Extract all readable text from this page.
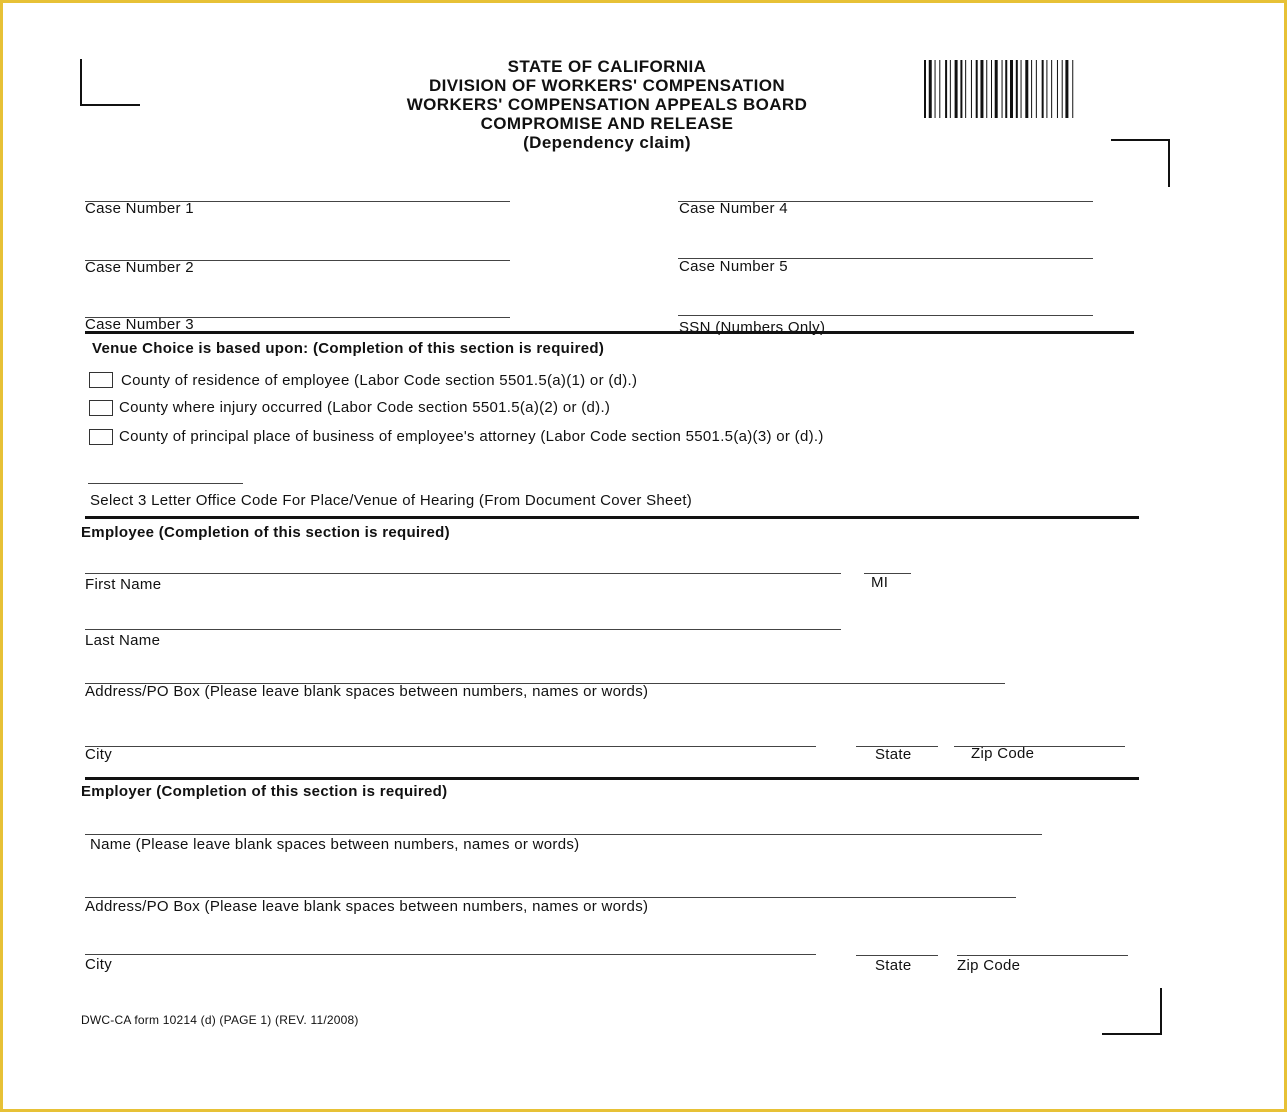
STATE OF CALIFORNIA
DIVISION OF WORKERS' COMPENSATION
WORKERS' COMPENSATION APPEALS BOARD
COMPROMISE AND RELEASE
(Dependency claim)
Case Number 1	Case Number 4
Case Number 2	Case Number 5
Case Number 3	SSN (Numbers Only)
Venue Choice is based upon: (Completion of this section is required)
County of residence of employee (Labor Code section 5501.5(a)(1) or (d).)
County where injury occurred (Labor Code section 5501.5(a)(2) or (d).)
County of principal place of business of employee's attorney (Labor Code section 5501.5(a)(3) or (d).)
Select 3 Letter Office Code For Place/Venue of Hearing (From Document Cover Sheet)
Employee (Completion of this section is required)
First Name	MI
Last Name
Address/PO Box (Please leave blank spaces between numbers, names or words)
City	State	Zip Code
Employer (Completion of this section is required)
Name (Please leave blank spaces between numbers, names or words)
Address/PO Box (Please leave blank spaces between numbers, names or words)
City	State	Zip Code
DWC-CA form 10214 (d) (PAGE 1) (REV. 11/2008)
